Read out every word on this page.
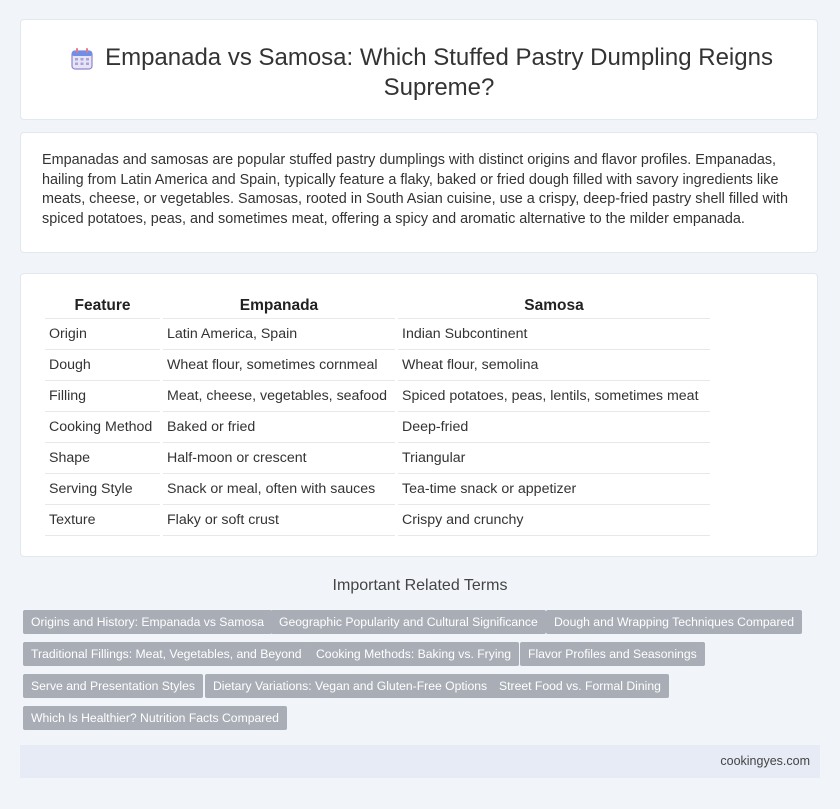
Empanada vs Samosa: Which Stuffed Pastry Dumpling Reigns Supreme?

Empanadas and samosas are popular stuffed pastry dumplings with distinct origins and flavor profiles. Empanadas, hailing from Latin America and Spain, typically feature a flaky, baked or fried dough filled with savory ingredients like meats, cheese, or vegetables. Samosas, rooted in South Asian cuisine, use a crispy, deep-fried pastry shell filled with spiced potatoes, peas, and sometimes meat, offering a spicy and aromatic alternative to the milder empanada.

Feature	Empanada	Samosa
Origin	Latin America, Spain	Indian Subcontinent
Dough	Wheat flour, sometimes cornmeal	Wheat flour, semolina
Filling	Meat, cheese, vegetables, seafood	Spiced potatoes, peas, lentils, sometimes meat
Cooking Method	Baked or fried	Deep-fried
Shape	Half-moon or crescent	Triangular
Serving Style	Snack or meal, often with sauces	Tea-time snack or appetizer
Texture	Flaky or soft crust	Crispy and crunchy
Important Related Terms
Origins and History: Empanada vs Samosa	Geographic Popularity and Cultural Significance	Dough and Wrapping Techniques Compared
Traditional Fillings: Meat, Vegetables, and Beyond	Cooking Methods: Baking vs. Frying	Flavor Profiles and Seasonings
Serve and Presentation Styles	Dietary Variations: Vegan and Gluten-Free Options Street Food vs. Formal Dining
Which Is Healthier? Nutrition Facts Compared
cookingyes.com
